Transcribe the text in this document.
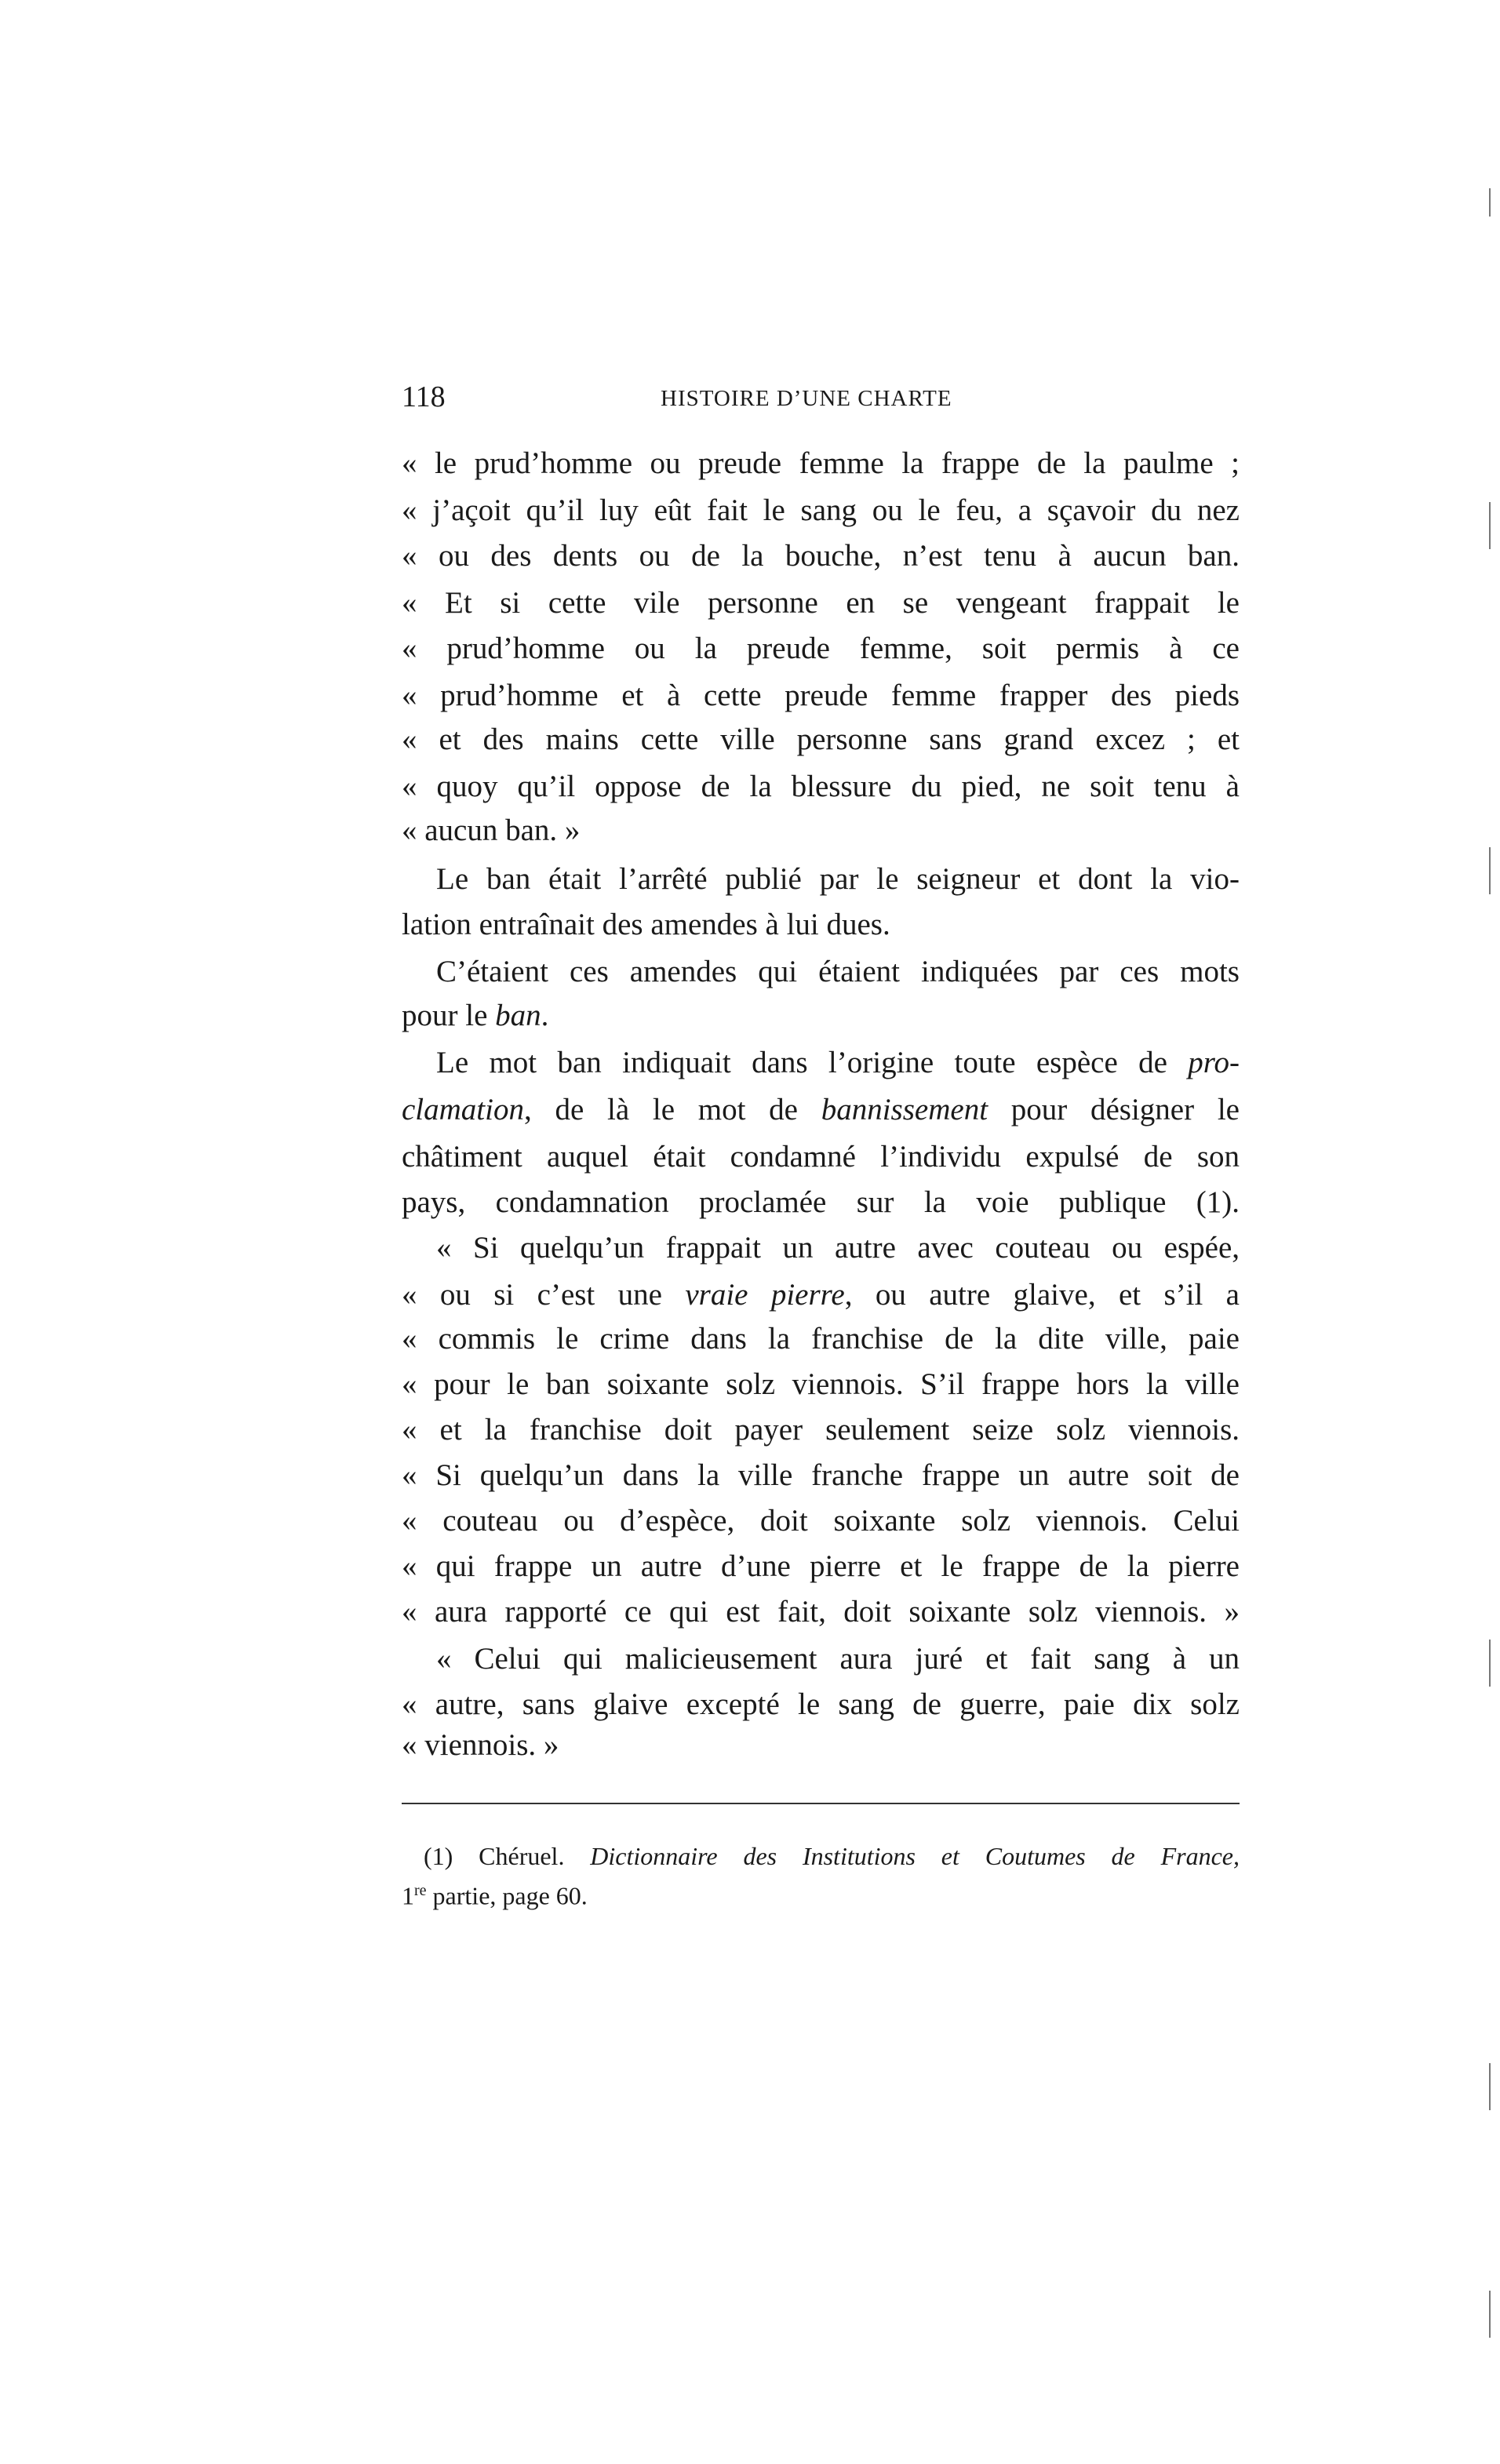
118	HISTOIRE D’UNE CHARTE
« le prud’homme ou preude femme la frappe de la paulme ;
« j’açoit qu’il luy eût fait le sang ou le feu, a sçavoir du nez
« ou des dents ou de la bouche, n’est tenu à aucun ban.
« Et si cette vile personne en se vengeant frappait le
« prud’homme ou la preude femme, soit permis à ce
« prud’homme et à cette preude femme frapper des pieds
« et des mains cette ville personne sans grand excez ; et
« quoy qu’il oppose de la blessure du pied, ne soit tenu à
« aucun ban. »
Le ban était l’arrêté publié par le seigneur et dont la vio-
lation entraînait des amendes à lui dues.
C’étaient ces amendes qui étaient indiquées par ces mots
pour le ban.
Le mot ban indiquait dans l’origine toute espèce de pro-
clamation, de là le mot de bannissement pour désigner le
châtiment auquel était condamné l’individu expulsé de son
pays, condamnation proclamée sur la voie publique (1).
« Si quelqu’un frappait un autre avec couteau ou espée,
« ou si c’est une vraie pierre, ou autre glaive, et s’il a
« commis le crime dans la franchise de la dite ville, paie
« pour le ban soixante solz viennois. S’il frappe hors la ville
« et la franchise doit payer seulement seize solz viennois.
« Si quelqu’un dans la ville franche frappe un autre soit de
« couteau ou d’espèce, doit soixante solz viennois. Celui
« qui frappe un autre d’une pierre et le frappe de la pierre
« aura rapporté ce qui est fait, doit soixante solz viennois. »
« Celui qui malicieusement aura juré et fait sang à un
« autre, sans glaive excepté le sang de guerre, paie dix solz
« viennois. »
(1) Chéruel. Dictionnaire des Institutions et Coutumes de France,
1re partie, page 60.
